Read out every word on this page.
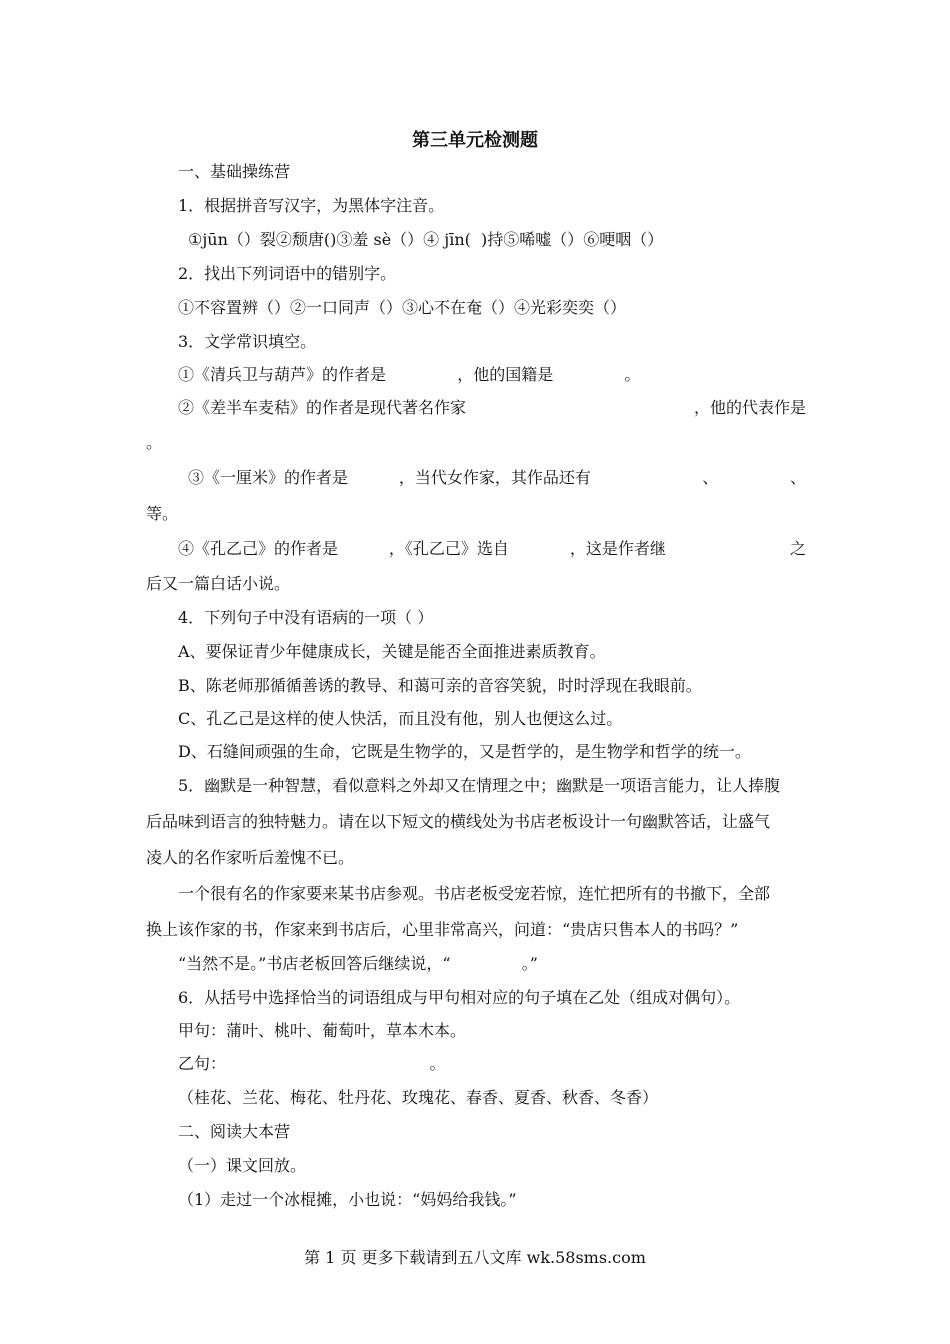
第三单元检测题
一、基础操练营
1．根据拼音写汉字，为黑体字注音。
①jūn（）裂②颓唐()③羞 sè（）④ jīn(  )持⑤唏嘘（）⑥哽咽（）
2．找出下列词语中的错别字。
①不容置辨（）②一口同声（）③心不在奄（）④光彩奕奕（）
3．文学常识填空。
①《清兵卫与葫芦》的作者是              ，他的国籍是              。
②《差半车麦秸》的作者是现代著名作家	，他的代表作是
。
③《一厘米》的作者是          ，当代女作家，其作品还有	、	、
等。
④《孔乙己》的作者是          ，《孔乙己》选自            ，这是作者继	之
后又一篇白话小说。
4．下列句子中没有语病的一项（ ）
A、要保证青少年健康成长，关键是能否全面推进素质教育。
B、陈老师那循循善诱的教导、和蔼可亲的音容笑貌，时时浮现在我眼前。
C、孔乙己是这样的使人快活，而且没有他，别人也便这么过。
D、石缝间顽强的生命，它既是生物学的，又是哲学的，是生物学和哲学的统一。
5．幽默是一种智慧，看似意料之外却又在情理之中；幽默是一项语言能力，让人捧腹
后品味到语言的独特魅力。请在以下短文的横线处为书店老板设计一句幽默答话，让盛气
凌人的名作家听后羞愧不已。
一个很有名的作家要来某书店参观。书店老板受宠若惊，连忙把所有的书撤下，全部
换上该作家的书，作家来到书店后，心里非常高兴，问道：“贵店只售本人的书吗？”
“当然不是。”书店老板回答后继续说，“              。”
6．从括号中选择恰当的词语组成与甲句相对应的句子填在乙处（组成对偶句）。
甲句：蒲叶、桃叶、葡萄叶，草本木本。
乙句：                                        。
（桂花、兰花、梅花、牡丹花、玫瑰花、春香、夏香、秋香、冬香）
二、阅读大本营
（一）课文回放。
（1）走过一个冰棍摊，小也说：“妈妈给我钱。”
第 1 页 更多下载请到五八文库 wk.58sms.com
